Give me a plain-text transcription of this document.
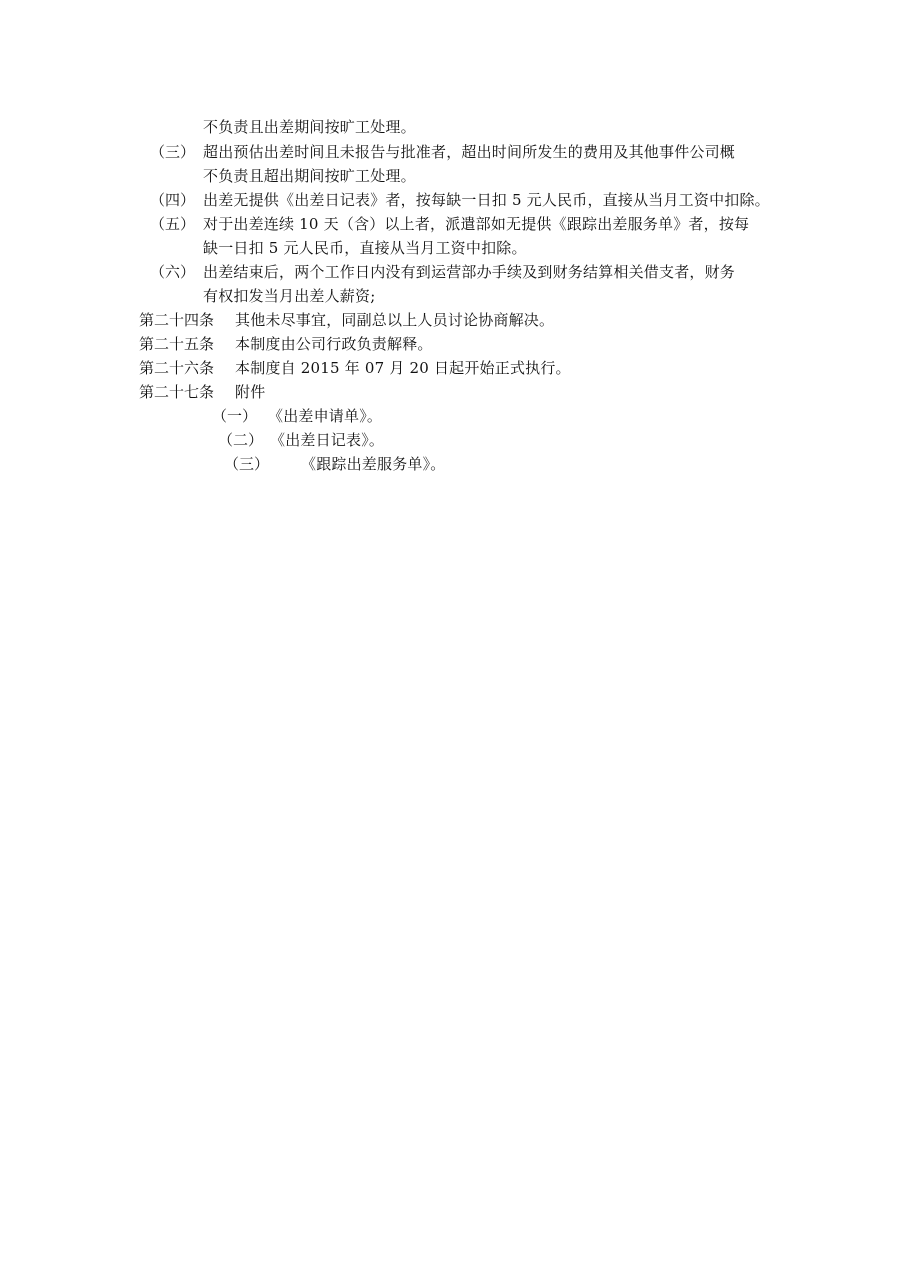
不负责且出差期间按旷工处理。
（三） 超出预估出差时间且未报告与批准者，超出时间所发生的费用及其他事件公司概
不负责且超出期间按旷工处理。
（四） 出差无提供《出差日记表》者，按每缺一日扣 5 元人民币，直接从当月工资中扣除。
（五） 对于出差连续 10 天（含）以上者，派遣部如无提供《跟踪出差服务单》者，按每
缺一日扣 5 元人民币，直接从当月工资中扣除。
（六） 出差结束后，两个工作日内没有到运营部办手续及到财务结算相关借支者，财务
有权扣发当月出差人薪资;
第二十四条 其他未尽事宜，同副总以上人员讨论协商解决。
第二十五条 本制度由公司行政负责解释。
第二十六条 本制度自 2015 年 07 月 20 日起开始正式执行。
第二十七条 附件
（一） 《出差申请单》。
（二） 《出差日记表》。
（三） 《跟踪出差服务单》。
